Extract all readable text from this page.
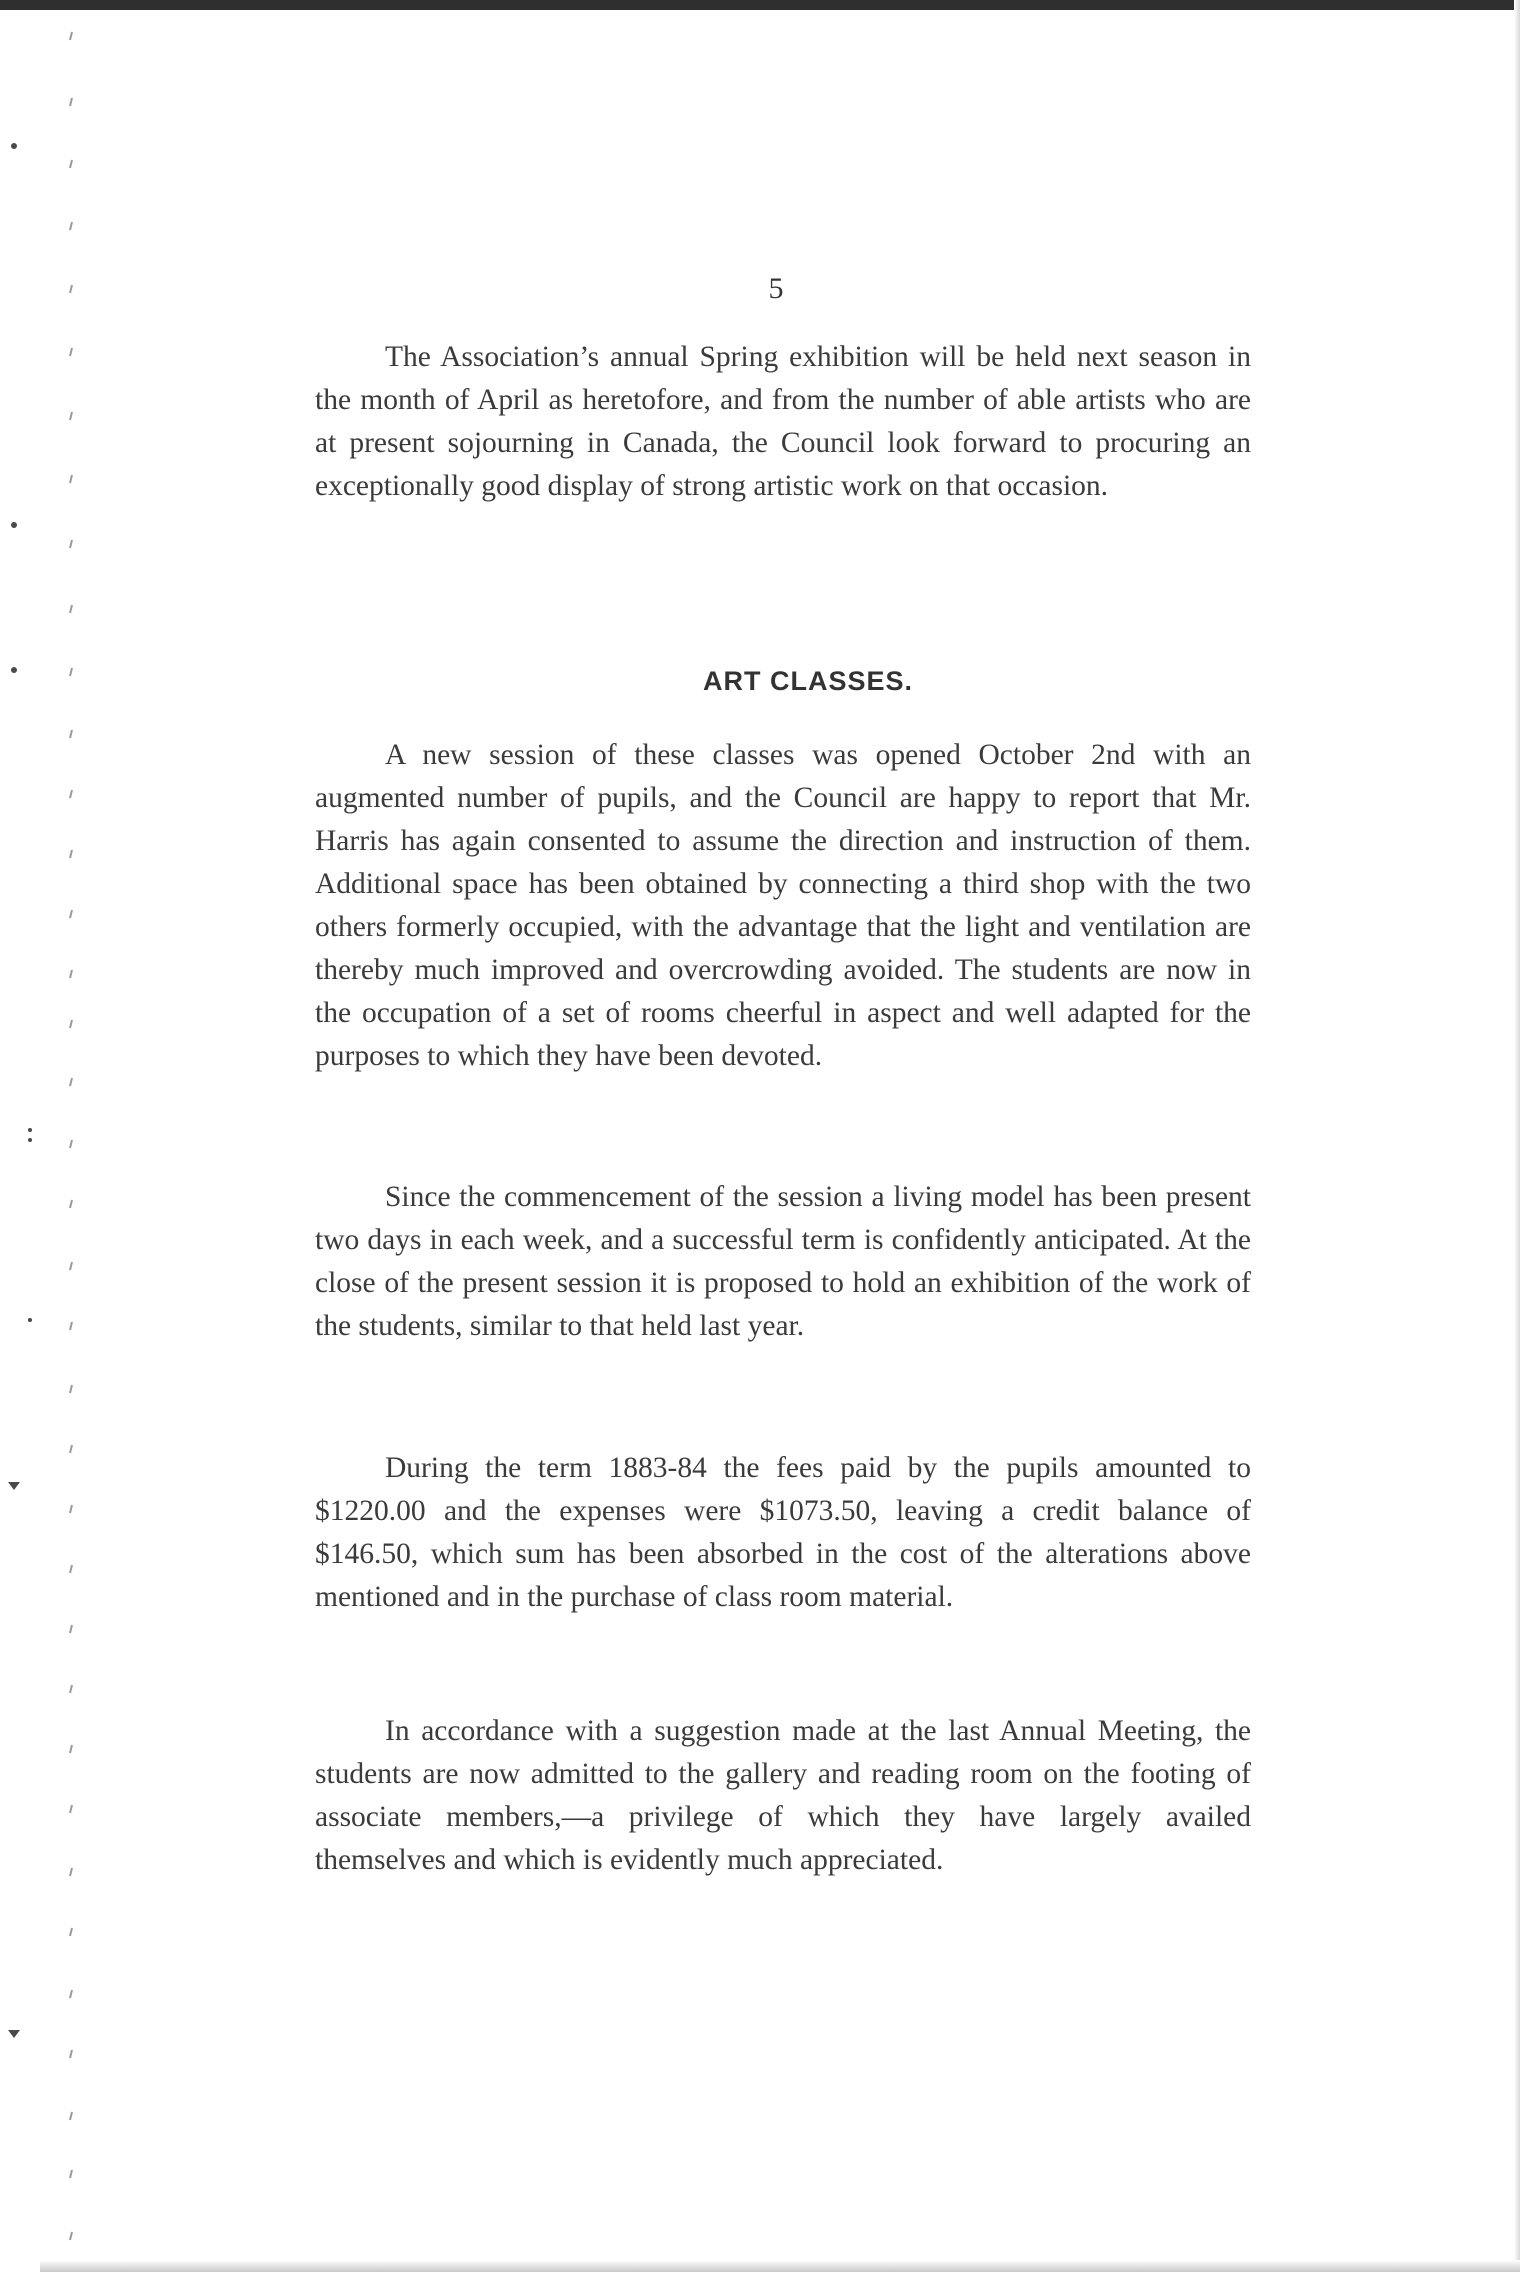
5

The Association’s annual Spring exhibition will be held next season in the month of April as heretofore, and from the number of able artists who are at present sojourning in Canada, the Council look forward to procuring an exceptionally good display of strong artistic work on that occasion.

ART CLASSES.

A new session of these classes was opened October 2nd with an augmented number of pupils, and the Council are happy to report that Mr. Harris has again consented to assume the direction and instruction of them. Additional space has been obtained by connecting a third shop with the two others formerly occupied, with the advantage that the light and ventilation are thereby much improved and overcrowding avoided. The students are now in the occupation of a set of rooms cheerful in aspect and well adapted for the purposes to which they have been devoted.

Since the commencement of the session a living model has been present two days in each week, and a successful term is confidently anticipated. At the close of the present session it is proposed to hold an exhibition of the work of the students, similar to that held last year.

During the term 1883-84 the fees paid by the pupils amounted to $1220.00 and the expenses were $1073.50, leaving a credit balance of $146.50, which sum has been absorbed in the cost of the alterations above mentioned and in the purchase of class room material.

In accordance with a suggestion made at the last Annual Meeting, the students are now admitted to the gallery and reading room on the footing of associate members,—a privilege of which they have largely availed themselves and which is evidently much appreciated.
